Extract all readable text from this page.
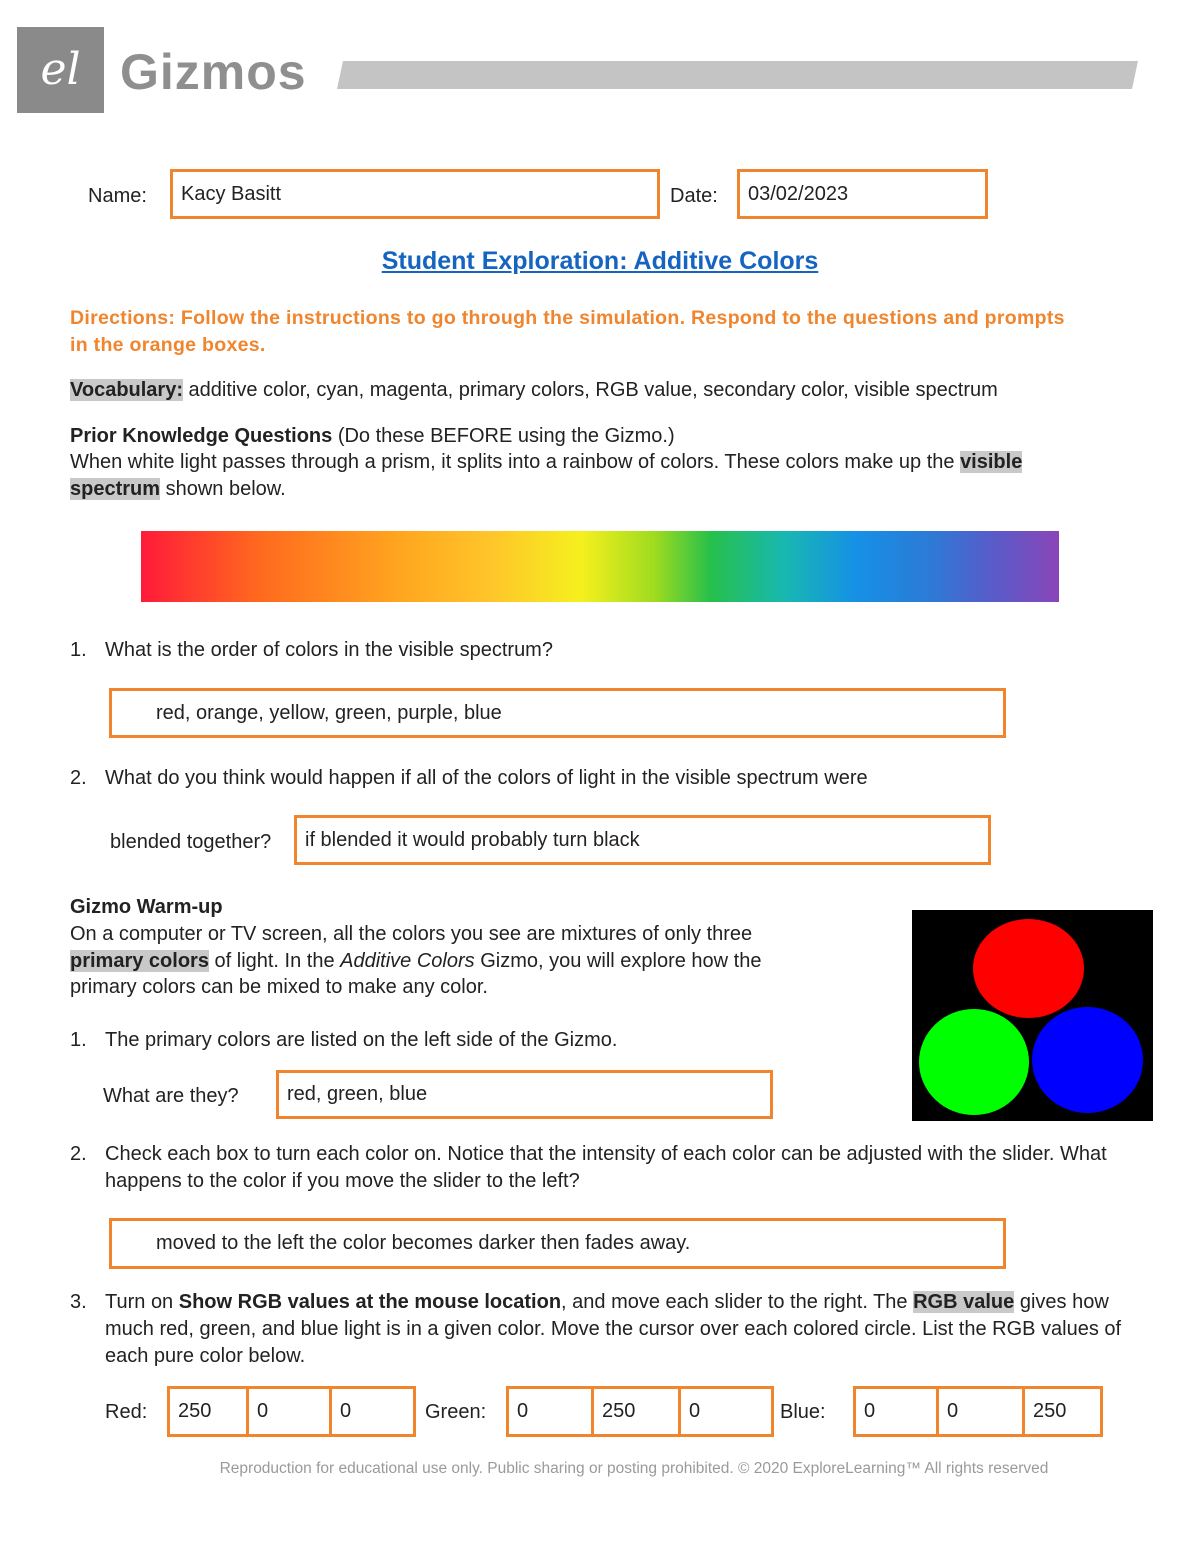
el Gizmos
Name: Kacy Basitt	Date: 03/02/2023
Student Exploration: Additive Colors
Directions: Follow the instructions to go through the simulation. Respond to the questions and prompts in the orange boxes.
Vocabulary: additive color, cyan, magenta, primary colors, RGB value, secondary color, visible spectrum
Prior Knowledge Questions (Do these BEFORE using the Gizmo.)
When white light passes through a prism, it splits into a rainbow of colors. These colors make up the visible spectrum shown below.
1. What is the order of colors in the visible spectrum?
red, orange, yellow, green, purple, blue
2. What do you think would happen if all of the colors of light in the visible spectrum were
blended together? if blended it would probably turn black
Gizmo Warm-up
On a computer or TV screen, all the colors you see are mixtures of only three
primary colors of light. In the Additive Colors Gizmo, you will explore how the
primary colors can be mixed to make any color.
1. The primary colors are listed on the left side of the Gizmo.
What are they? red, green, blue
2. Check each box to turn each color on. Notice that the intensity of each color can be adjusted with the slider. What happens to the color if you move the slider to the left?
moved to the left the color becomes darker then fades away.
3. Turn on Show RGB values at the mouse location, and move each slider to the right. The RGB value gives how much red, green, and blue light is in a given color. Move the cursor over each colored circle. List the RGB values of each pure color below.
Red: 250 0	0	Green: 0	250	0	Blue: 0	0	250
Reproduction for educational use only. Public sharing or posting prohibited. © 2020 ExploreLearning™ All rights reserved
